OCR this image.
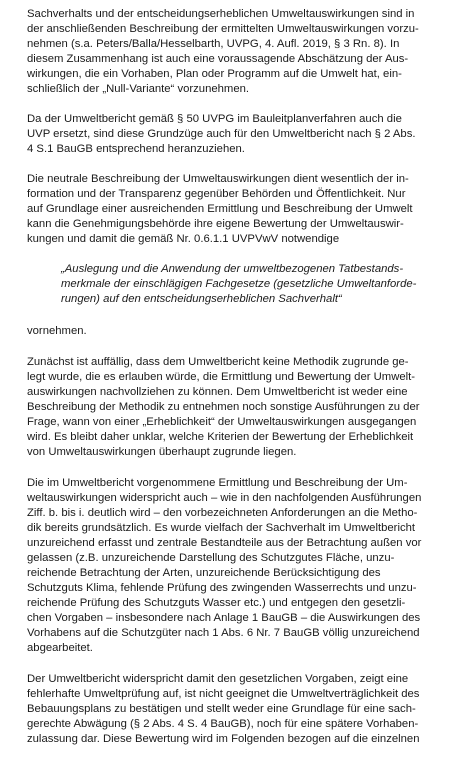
Sachverhalts und der entscheidungserheblichen Umweltauswirkungen sind in
der anschließenden Beschreibung der ermittelten Umweltauswirkungen vorzu-
nehmen (s.a. Peters/Balla/Hesselbarth, UVPG, 4. Aufl. 2019, § 3 Rn. 8). In
diesem Zusammenhang ist auch eine voraussagende Abschätzung der Aus-
wirkungen, die ein Vorhaben, Plan oder Programm auf die Umwelt hat, ein-
schließlich der „Null-Variante“ vorzunehmen.
Da der Umweltbericht gemäß § 50 UVPG im Bauleitplanverfahren auch die
UVP ersetzt, sind diese Grundzüge auch für den Umweltbericht nach § 2 Abs.
4 S.1 BauGB entsprechend heranzuziehen.
Die neutrale Beschreibung der Umweltauswirkungen dient wesentlich der in-
formation und der Transparenz gegenüber Behörden und Öffentlichkeit. Nur
auf Grundlage einer ausreichenden Ermittlung und Beschreibung der Umwelt
kann die Genehmigungsbehörde ihre eigene Bewertung der Umweltauswir-
kungen und damit die gemäß Nr. 0.6.1.1 UVPVwV notwendige
„Auslegung und die Anwendung der umweltbezogenen Tatbestands-
merkmale der einschlägigen Fachgesetze (gesetzliche Umweltanforde-
rungen) auf den entscheidungserheblichen Sachverhalt“
vornehmen.
Zunächst ist auffällig, dass dem Umweltbericht keine Methodik zugrunde ge-
legt wurde, die es erlauben würde, die Ermittlung und Bewertung der Umwelt-
auswirkungen nachvollziehen zu können. Dem Umweltbericht ist weder eine
Beschreibung der Methodik zu entnehmen noch sonstige Ausführungen zu der
Frage, wann von einer „Erheblichkeit“ der Umweltauswirkungen ausgegangen
wird. Es bleibt daher unklar, welche Kriterien der Bewertung der Erheblichkeit
von Umweltauswirkungen überhaupt zugrunde liegen.
Die im Umweltbericht vorgenommene Ermittlung und Beschreibung der Um-
weltauswirkungen widerspricht auch – wie in den nachfolgenden Ausführungen
Ziff. b. bis i. deutlich wird – den vorbezeichneten Anforderungen an die Metho-
dik bereits grundsätzlich. Es wurde vielfach der Sachverhalt im Umweltbericht
unzureichend erfasst und zentrale Bestandteile aus der Betrachtung außen vor
gelassen (z.B. unzureichende Darstellung des Schutzgutes Fläche, unzu-
reichende Betrachtung der Arten, unzureichende Berücksichtigung des
Schutzguts Klima, fehlende Prüfung des zwingenden Wasserrechts und unzu-
reichende Prüfung des Schutzguts Wasser etc.) und entgegen den gesetzli-
chen Vorgaben – insbesondere nach Anlage 1 BauGB – die Auswirkungen des
Vorhabens auf die Schutzgüter nach 1 Abs. 6 Nr. 7 BauGB völlig unzureichend
abgearbeitet.
Der Umweltbericht widerspricht damit den gesetzlichen Vorgaben, zeigt eine
fehlerhafte Umweltprüfung auf, ist nicht geeignet die Umweltverträglichkeit des
Bebauungsplans zu bestätigen und stellt weder eine Grundlage für eine sach-
gerechte Abwägung (§ 2 Abs. 4 S. 4 BauGB), noch für eine spätere Vorhaben-
zulassung dar. Diese Bewertung wird im Folgenden bezogen auf die einzelnen
